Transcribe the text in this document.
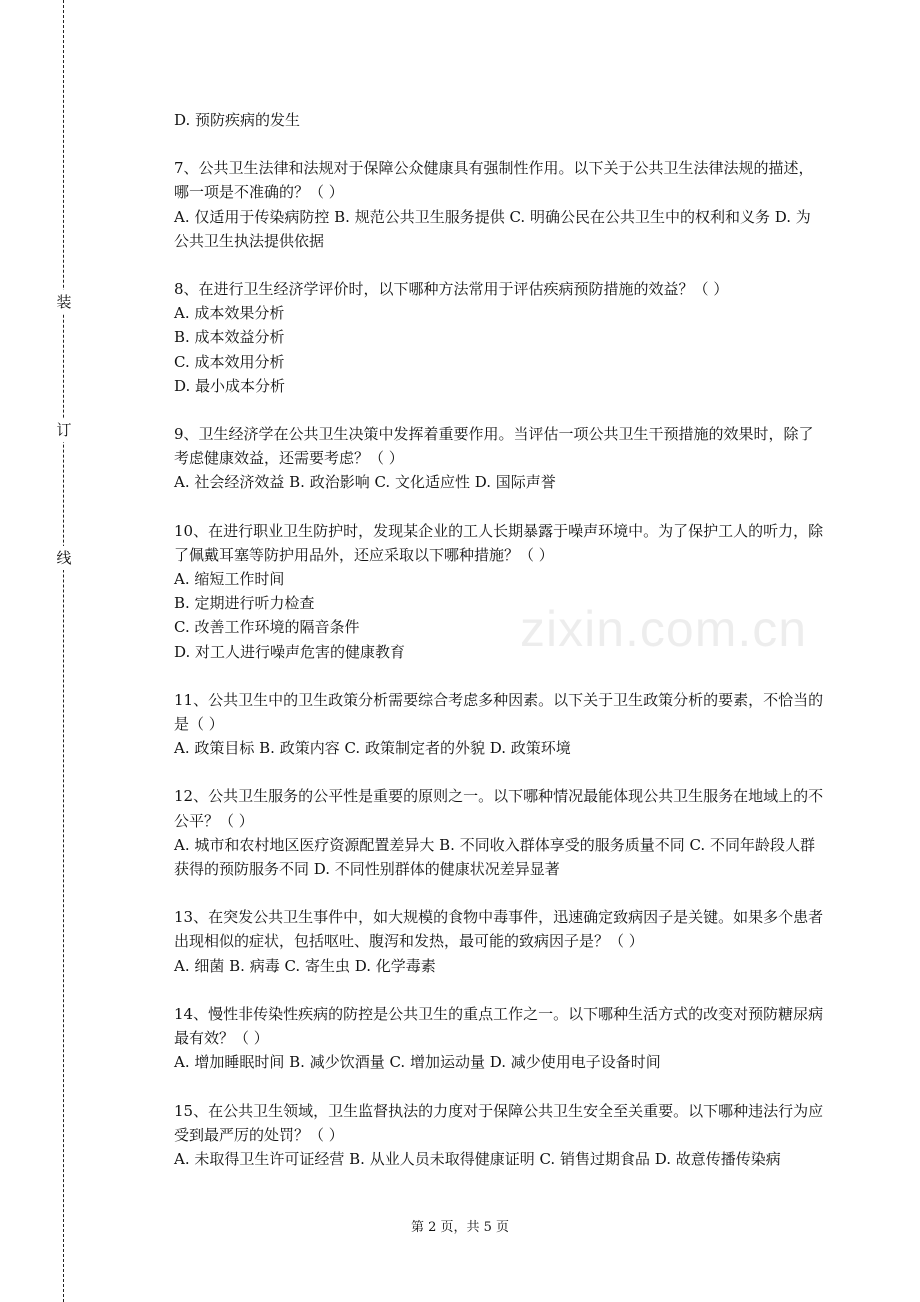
装
订
线
zixin.com.cn

D. 预防疾病的发生

7、公共卫生法律和法规对于保障公众健康具有强制性作用。以下关于公共卫生法律法规的描述，哪一项是不准确的？（ ）

A. 仅适用于传染病防控 B. 规范公共卫生服务提供 C. 明确公民在公共卫生中的权利和义务 D. 为公共卫生执法提供依据

8、在进行卫生经济学评价时，以下哪种方法常用于评估疾病预防措施的效益？（ ）

A. 成本效果分析

B. 成本效益分析

C. 成本效用分析

D. 最小成本分析

9、卫生经济学在公共卫生决策中发挥着重要作用。当评估一项公共卫生干预措施的效果时，除了考虑健康效益，还需要考虑？（ ）

A. 社会经济效益 B. 政治影响 C. 文化适应性 D. 国际声誉

10、在进行职业卫生防护时，发现某企业的工人长期暴露于噪声环境中。为了保护工人的听力，除了佩戴耳塞等防护用品外，还应采取以下哪种措施？（ ）

A. 缩短工作时间

B. 定期进行听力检查

C. 改善工作环境的隔音条件

D. 对工人进行噪声危害的健康教育

11、公共卫生中的卫生政策分析需要综合考虑多种因素。以下关于卫生政策分析的要素，不恰当的是（ ）

A. 政策目标 B. 政策内容 C. 政策制定者的外貌 D. 政策环境

12、公共卫生服务的公平性是重要的原则之一。以下哪种情况最能体现公共卫生服务在地域上的不公平？（ ）

A. 城市和农村地区医疗资源配置差异大 B. 不同收入群体享受的服务质量不同 C. 不同年龄段人群获得的预防服务不同 D. 不同性别群体的健康状况差异显著

13、在突发公共卫生事件中，如大规模的食物中毒事件，迅速确定致病因子是关键。如果多个患者出现相似的症状，包括呕吐、腹泻和发热，最可能的致病因子是？（ ）

A. 细菌 B. 病毒 C. 寄生虫 D. 化学毒素

14、慢性非传染性疾病的防控是公共卫生的重点工作之一。以下哪种生活方式的改变对预防糖尿病最有效？（ ）

A. 增加睡眠时间 B. 减少饮酒量 C. 增加运动量 D. 减少使用电子设备时间

15、在公共卫生领域，卫生监督执法的力度对于保障公共卫生安全至关重要。以下哪种违法行为应受到最严厉的处罚？（ ）

A. 未取得卫生许可证经营 B. 从业人员未取得健康证明 C. 销售过期食品 D. 故意传播传染病

第 2 页，共 5 页
